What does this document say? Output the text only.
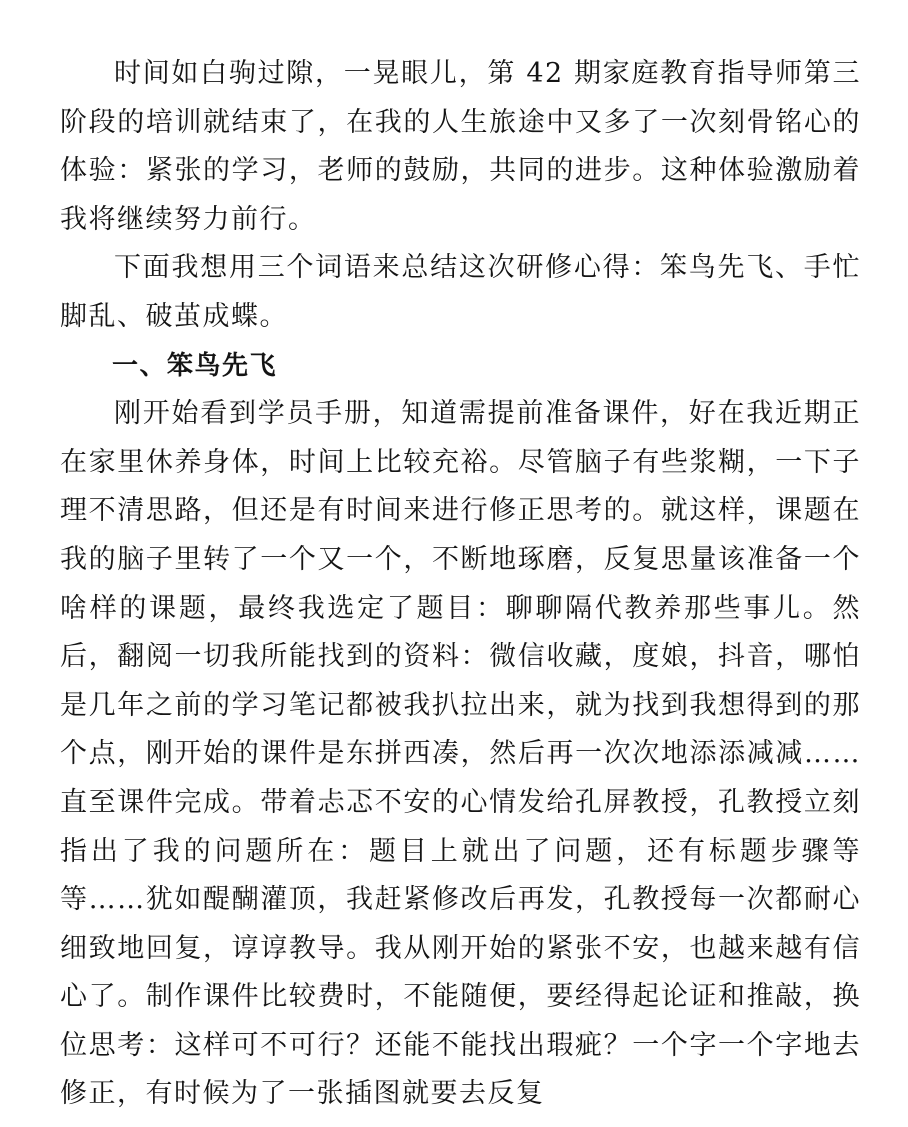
时间如白驹过隙，一晃眼儿，第 42 期家庭教育指导师第三阶段的培训就结束了，在我的人生旅途中又多了一次刻骨铭心的体验：紧张的学习，老师的鼓励，共同的进步。这种体验激励着我将继续努力前行。

下面我想用三个词语来总结这次研修心得：笨鸟先飞、手忙脚乱、破茧成蝶。

一、笨鸟先飞

刚开始看到学员手册，知道需提前准备课件，好在我近期正在家里休养身体，时间上比较充裕。尽管脑子有些浆糊，一下子理不清思路，但还是有时间来进行修正思考的。就这样，课题在我的脑子里转了一个又一个，不断地琢磨，反复思量该准备一个啥样的课题，最终我选定了题目：聊聊隔代教养那些事儿。然后，翻阅一切我所能找到的资料：微信收藏，度娘，抖音，哪怕是几年之前的学习笔记都被我扒拉出来，就为找到我想得到的那个点，刚开始的课件是东拼西凑，然后再一次次地添添减减……直至课件完成。带着忐忑不安的心情发给孔屏教授，孔教授立刻指出了我的问题所在：题目上就出了问题，还有标题步骤等等……犹如醍醐灌顶，我赶紧修改后再发，孔教授每一次都耐心细致地回复，谆谆教导。我从刚开始的紧张不安，也越来越有信心了。制作课件比较费时，不能随便，要经得起论证和推敲，换位思考：这样可不可行？还能不能找出瑕疵？一个字一个字地去修正，有时候为了一张插图就要去反复
